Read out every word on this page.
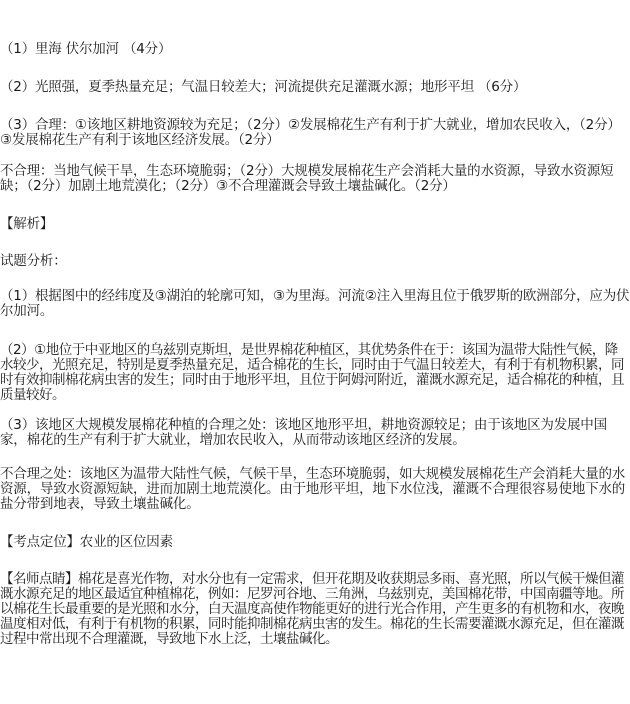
（1）里海 伏尔加河 （4分）

（2）光照强，夏季热量充足；气温日较差大；河流提供充足灌溉水源；地形平坦 （6分）

（3）合理：①该地区耕地资源较为充足；（2分）②发展棉花生产有利于扩大就业，增加农民收入，（2分）③发展棉花生产有利于该地区经济发展。（2分）

不合理：当地气候干旱，生态环境脆弱；（2分）大规模发展棉花生产会消耗大量的水资源，导致水资源短缺；（2分）加剧土地荒漠化；（2分）③不合理灌溉会导致土壤盐碱化。（2分）

【解析】

试题分析：

（1）根据图中的经纬度及③湖泊的轮廓可知，③为里海。河流②注入里海且位于俄罗斯的欧洲部分，应为伏尔加河。

（2）①地位于中亚地区的乌兹别克斯坦，是世界棉花种植区，其优势条件在于：该国为温带大陆性气候，降水较少，光照充足，特别是夏季热量充足，适合棉花的生长，同时由于气温日较差大，有利于有机物积累，同时有效抑制棉花病虫害的发生；同时由于地形平坦，且位于阿姆河附近，灌溉水源充足，适合棉花的种植，且质量较好。

（3）该地区大规模发展棉花种植的合理之处：该地区地形平坦，耕地资源较足；由于该地区为发展中国家，棉花的生产有利于扩大就业，增加农民收入，从而带动该地区经济的发展。

不合理之处：该地区为温带大陆性气候，气候干旱，生态环境脆弱，如大规模发展棉花生产会消耗大量的水资源，导致水资源短缺，进而加剧土地荒漠化。由于地形平坦，地下水位浅，灌溉不合理很容易使地下水的盐分带到地表，导致土壤盐碱化。

【考点定位】农业的区位因素

【名师点睛】棉花是喜光作物，对水分也有一定需求，但开花期及收获期忌多雨、喜光照，所以气候干燥但灌溉水源充足的地区最适宜种植棉花，例如：尼罗河谷地、三角洲，乌兹别克，美国棉花带，中国南疆等地。所以棉花生长最重要的是光照和水分，白天温度高使作物能更好的进行光合作用，产生更多的有机物和水，夜晚温度相对低，有利于有机物的积累，同时能抑制棉花病虫害的发生。棉花的生长需要灌溉水源充足，但在灌溉过程中常出现不合理灌溉，导致地下水上泛，土壤盐碱化。
